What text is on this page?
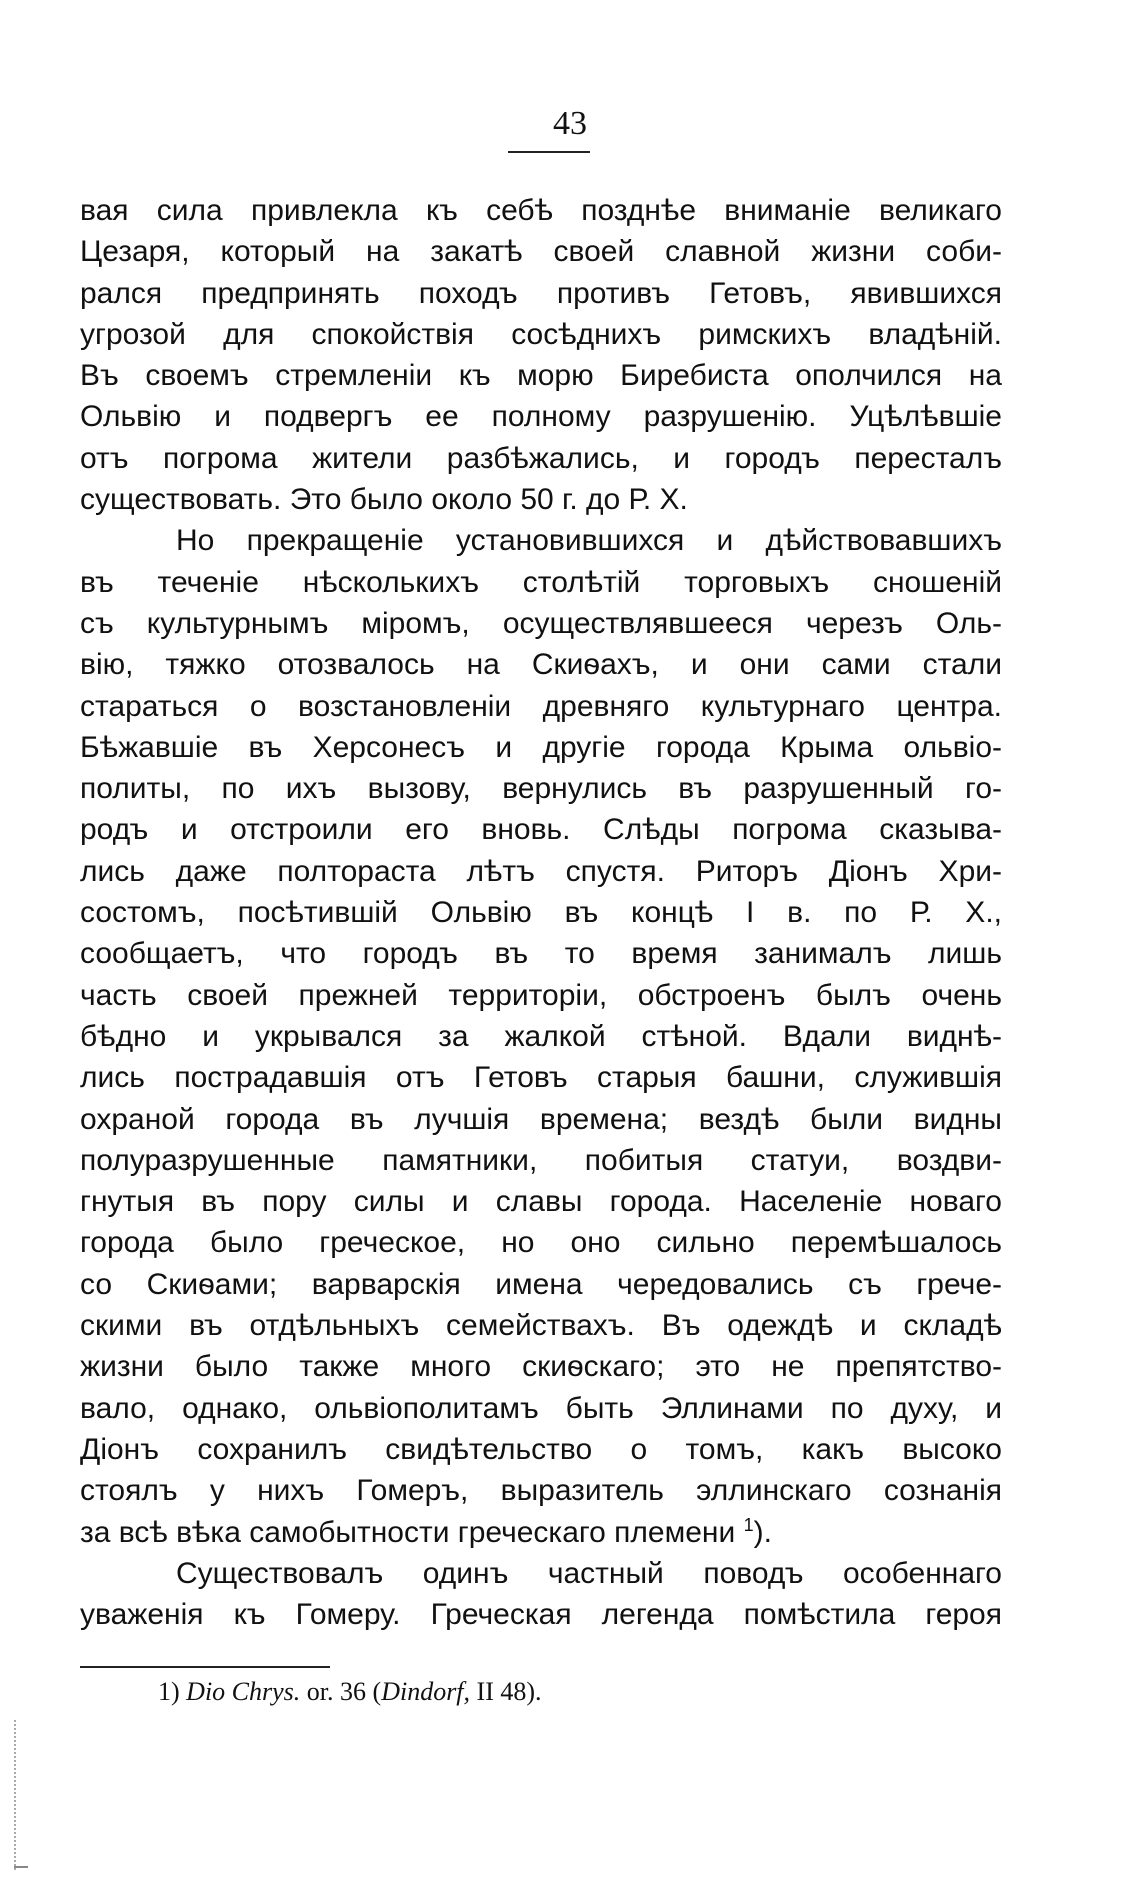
43
вая сила привлекла къ себѣ позднѣе вниманіе великаго
Цезаря, который на закатѣ своей славной жизни соби-
рался предпринять походъ противъ Гетовъ, явившихся
угрозой для спокойствія сосѣднихъ римскихъ владѣній.
Въ своемъ стремленіи къ морю Биребиста ополчился на
Ольвію и подвергъ ее полному разрушенію. Уцѣлѣвшіе
отъ погрома жители разбѣжались, и городъ пересталъ
существовать. Это было около 50 г. до Р. Х.
Но прекращеніе установившихся и дѣйствовавшихъ
въ теченіе нѣсколькихъ столѣтій торговыхъ сношеній
съ культурнымъ міромъ, осуществлявшееся черезъ Оль-
вію, тяжко отозвалось на Скиѳахъ, и они сами стали
стараться о возстановленіи древняго культурнаго центра.
Бѣжавшіе въ Херсонесъ и другіе города Крыма ольвіо-
политы, по ихъ вызову, вернулись въ разрушенный го-
родъ и отстроили его вновь. Слѣды погрома сказыва-
лись даже полтораста лѣтъ спустя. Риторъ Діонъ Хри-
состомъ, посѣтившій Ольвію въ концѣ I в. по Р. Х.,
сообщаетъ, что городъ въ то время занималъ лишь
часть своей прежней территоріи, обстроенъ былъ очень
бѣдно и укрывался за жалкой стѣной. Вдали виднѣ-
лись пострадавшія отъ Гетовъ старыя башни, служившія
охраной города въ лучшія времена; вездѣ были видны
полуразрушенные памятники, побитыя статуи, воздви-
гнутыя въ пору силы и славы города. Населеніе новаго
города было греческое, но оно сильно перемѣшалось
со Скиѳами; варварскія имена чередовались съ грече-
скими въ отдѣльныхъ семействахъ. Въ одеждѣ и складѣ
жизни было также много скиѳскаго; это не препятство-
вало, однако, ольвіополитамъ быть Эллинами по духу, и
Діонъ сохранилъ свидѣтельство о томъ, какъ высоко
стоялъ у нихъ Гомеръ, выразитель эллинскаго сознанія
за всѣ вѣка самобытности греческаго племени $^1$).
Существовалъ одинъ частный поводъ особеннаго
уваженія къ Гомеру. Греческая легенда помѣстила героя
1) Dio Chrys. or. 36 (Dindorf, II 48).
